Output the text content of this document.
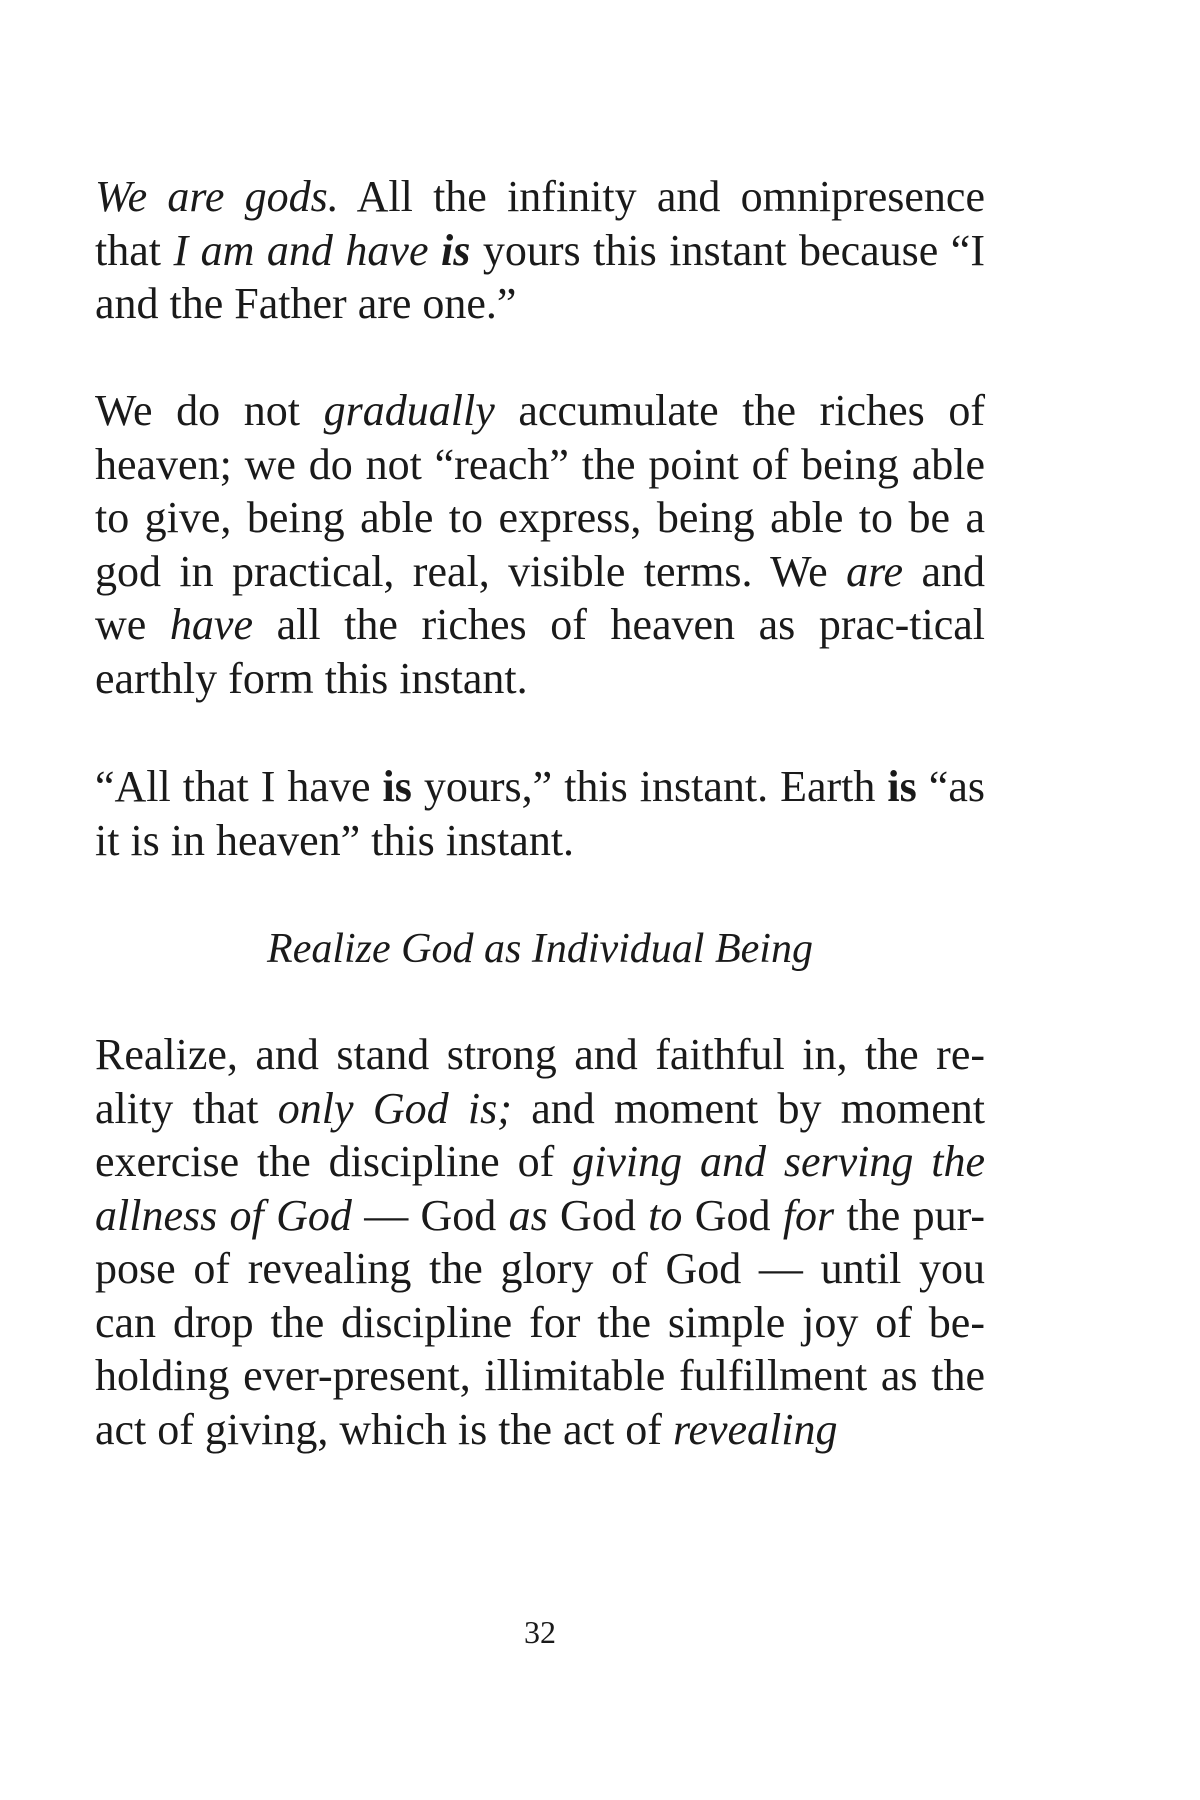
We are gods. All the infinity and omnipresence that I am and have is yours this instant because “I and the Father are one.”

We do not gradually accumulate the riches of heaven; we do not “reach” the point of being able to give, being able to express, being able to be a god in practical, real, visible terms. We are and we have all the riches of heaven as prac-tical earthly form this instant.

“All that I have is yours,” this instant. Earth is “as it is in heaven” this instant.

Realize God as Individual Being

Realize, and stand strong and faithful in, the re-ality that only God is; and moment by moment exercise the discipline of giving and serving the allness of God — God as God to God for the pur-pose of revealing the glory of God — until you can drop the discipline for the simple joy of be-holding ever-present, illimitable fulfillment as the act of giving, which is the act of revealing

32
